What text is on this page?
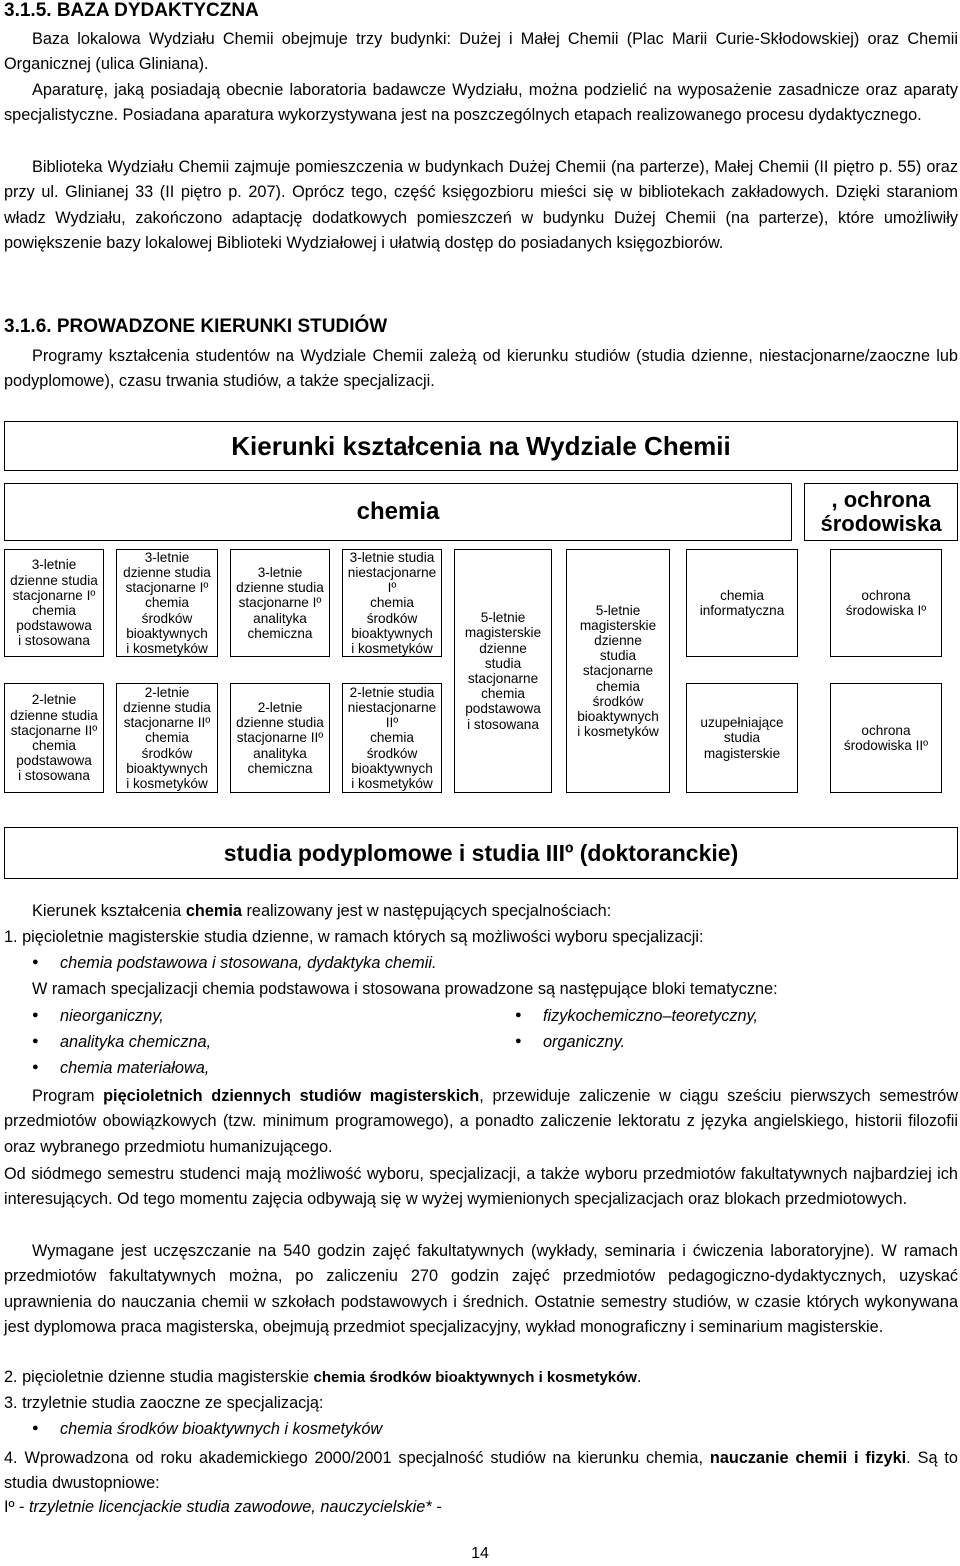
3.1.5. BAZA DYDAKTYCZNA
Baza lokalowa Wydziału Chemii obejmuje trzy budynki: Dużej i Małej Chemii (Plac Marii Curie-Skłodowskiej) oraz Chemii Organicznej (ulica Gliniana).
Aparaturę, jaką posiadają obecnie laboratoria badawcze Wydziału, można podzielić na wyposażenie zasadnicze oraz aparaty specjalistyczne. Posiadana aparatura wykorzystywana jest na poszczególnych etapach realizowanego procesu dydaktycznego.
Biblioteka Wydziału Chemii zajmuje pomieszczenia w budynkach Dużej Chemii (na parterze), Małej Chemii (II piętro p. 55) oraz przy ul. Glinianej 33 (II piętro p. 207). Oprócz tego, część księgozbioru mieści się w bibliotekach zakładowych. Dzięki staraniom władz Wydziału, zakończono adaptację dodatkowych pomieszczeń w budynku Dużej Chemii (na parterze), które umożliwiły powiększenie bazy lokalowej Biblioteki Wydziałowej i ułatwią dostęp do posiadanych księgozbiorów.
3.1.6. PROWADZONE KIERUNKI STUDIÓW
Programy kształcenia studentów na Wydziale Chemii zależą od kierunku studiów (studia dzienne, niestacjonarne/zaoczne lub podyplomowe), czasu trwania studiów, a także specjalizacji.
Kierunki kształcenia na Wydziale Chemii
chemia	, ochrona
środowiska
3-letnie
dzienne studia
stacjonarne Iº
chemia
podstawowa
i stosowana
3-letnie
dzienne studia
stacjonarne Iº
chemia
środków
bioaktywnych
i kosmetyków
3-letnie
dzienne studia
stacjonarne Iº
analityka
chemiczna
3-letnie studia
niestacjonarne Iº
chemia
środków
bioaktywnych
i kosmetyków
2-letnie
dzienne studia
stacjonarne IIº
chemia
podstawowa
i stosowana
2-letnie
dzienne studia
stacjonarne IIº
chemia
środków
bioaktywnych
i kosmetyków
2-letnie
dzienne studia
stacjonarne IIº
analityka
chemiczna
2-letnie studia
niestacjonarne IIº
chemia
środków
bioaktywnych
i kosmetyków
5-letnie
magisterskie
dzienne
studia
stacjonarne
chemia
podstawowa
i stosowana
5-letnie
magisterskie
dzienne
studia
stacjonarne
chemia
środków
bioaktywnych
i kosmetyków
chemia
informatyczna
uzupełniające
studia
magisterskie
ochrona
środowiska Iº
ochrona
środowiska IIº
studia podyplomowe i studia IIIº (doktoranckie)
Kierunek kształcenia chemia realizowany jest w następujących specjalnościach:
1. pięcioletnie magisterskie studia dzienne, w ramach których są możliwości wyboru specjalizacji:
● chemia podstawowa i stosowana, dydaktyka chemii.
W ramach specjalizacji chemia podstawowa i stosowana prowadzone są następujące bloki tematyczne:
● nieorganiczny,
● analityka chemiczna,
● chemia materiałowa,
● fizykochemiczno–teoretyczny,
● organiczny.
Program pięcioletnich dziennych studiów magisterskich, przewiduje zaliczenie w ciągu sześciu pierwszych semestrów przedmiotów obowiązkowych (tzw. minimum programowego), a ponadto zaliczenie lektoratu z języka angielskiego, historii filozofii oraz wybranego przedmiotu humanizującego.
Od siódmego semestru studenci mają możliwość wyboru, specjalizacji, a także wyboru przedmiotów fakultatywnych najbardziej ich interesujących. Od tego momentu zajęcia odbywają się w wyżej wymienionych specjalizacjach oraz blokach przedmiotowych.
Wymagane jest uczęszczanie na 540 godzin zajęć fakultatywnych (wykłady, seminaria i ćwiczenia laboratoryjne). W ramach przedmiotów fakultatywnych można, po zaliczeniu 270 godzin zajęć przedmiotów pedagogiczno-dydaktycznych, uzyskać uprawnienia do nauczania chemii w szkołach podstawowych i średnich. Ostatnie semestry studiów, w czasie których wykonywana jest dyplomowa praca magisterska, obejmują przedmiot specjalizacyjny, wykład monograficzny i seminarium magisterskie.
2. pięcioletnie dzienne studia magisterskie chemia środków bioaktywnych i kosmetyków.
3. trzyletnie studia zaoczne ze specjalizacją:
● chemia środków bioaktywnych i kosmetyków
4. Wprowadzona od roku akademickiego 2000/2001 specjalność studiów na kierunku chemia, nauczanie chemii i fizyki. Są to studia dwustopniowe:
Iº - trzyletnie licencjackie studia zawodowe, nauczycielskie* -
14
